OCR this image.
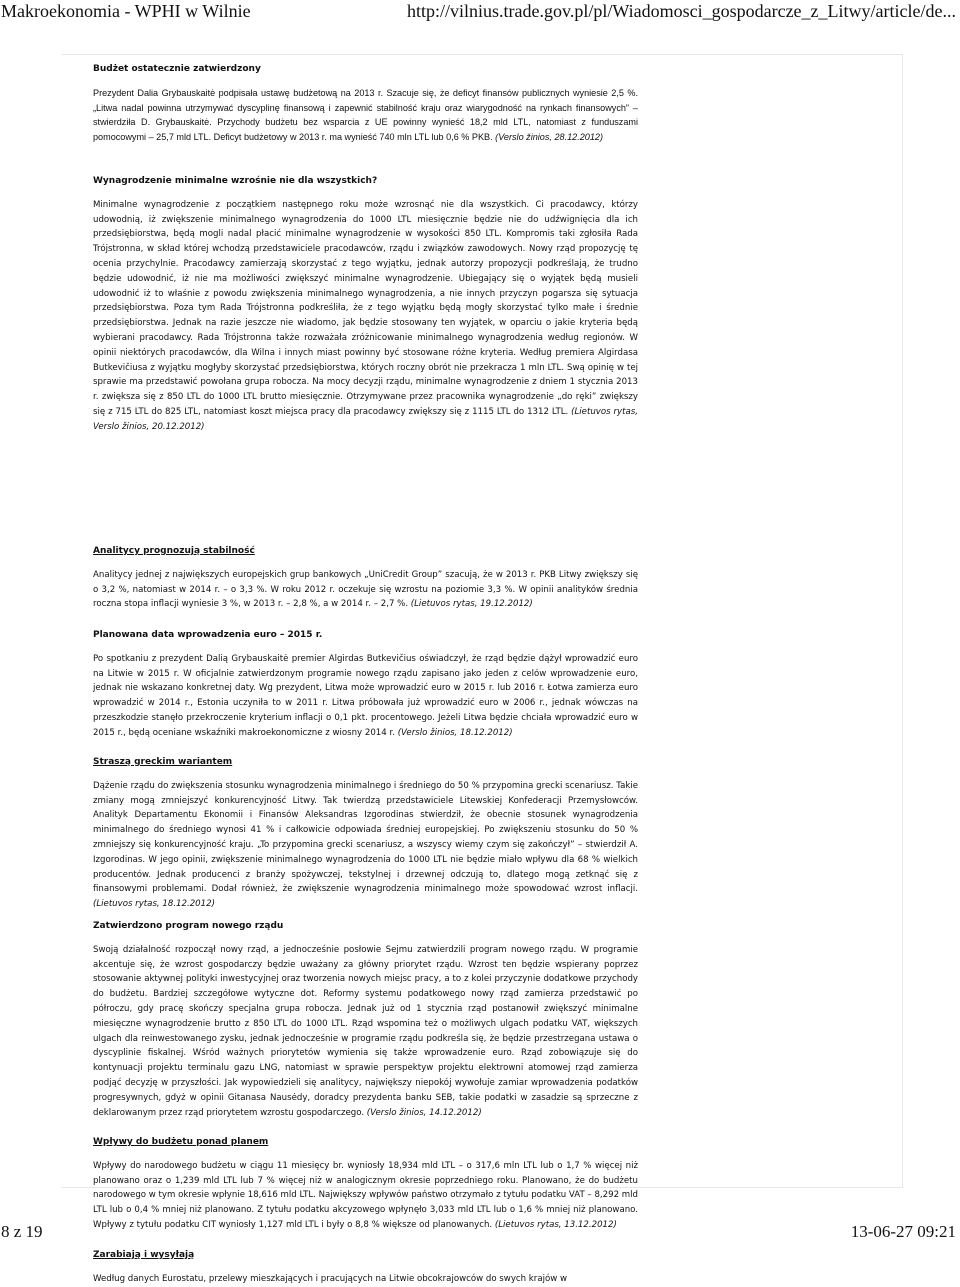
Makroekonomia - WPHI w Wilnie	http://vilnius.trade.gov.pl/pl/Wiadomosci_gospodarcze_z_Litwy/article/de...
Budżet ostatecznie zatwierdzony

Prezydent Dalia Grybauskaitė podpisała ustawę budżetową na 2013 r. Szacuje się, że deficyt finansów publicznych wyniesie 2,5 %. „Litwa nadal powinna utrzymywać dyscyplinę finansową i zapewnić stabilność kraju oraz wiarygodność na rynkach finansowych” – stwierdziła D. Grybauskaitė. Przychody budżetu bez wsparcia z UE powinny wynieść 18,2 mld LTL, natomiast z funduszami pomocowymi – 25,7 mld LTL. Deficyt budżetowy w 2013 r. ma wynieść 740 mln LTL lub 0,6 % PKB. (Verslo žinios, 28.12.2012)

Wynagrodzenie minimalne wzrośnie nie dla wszystkich?

Minimalne wynagrodzenie z początkiem następnego roku może wzrosnąć nie dla wszystkich. Ci pracodawcy, którzy udowodnią, iż zwiększenie minimalnego wynagrodzenia do 1000 LTL miesięcznie będzie nie do udźwignięcia dla ich przedsiębiorstwa, będą mogli nadal płacić minimalne wynagrodzenie w wysokości 850 LTL. Kompromis taki zgłosiła Rada Trójstronna, w skład której wchodzą przedstawiciele pracodawców, rządu i związków zawodowych. Nowy rząd propozycję tę ocenia przychylnie. Pracodawcy zamierzają skorzystać z tego wyjątku, jednak autorzy propozycji podkreślają, że trudno będzie udowodnić, iż nie ma możliwości zwiększyć minimalne wynagrodzenie. Ubiegający się o wyjątek będą musieli udowodnić iż to właśnie z powodu zwiększenia minimalnego wynagrodzenia, a nie innych przyczyn pogarsza się sytuacja przedsiębiorstwa. Poza tym Rada Trójstronna podkreśliła, że z tego wyjątku będą mogły skorzystać tylko małe i średnie przedsiębiorstwa. Jednak na razie jeszcze nie wiadomo, jak będzie stosowany ten wyjątek, w oparciu o jakie kryteria będą wybierani pracodawcy. Rada Trójstronna także rozważała zróżnicowanie minimalnego wynagrodzenia według regionów. W opinii niektórych pracodawców, dla Wilna i innych miast powinny być stosowane różne kryteria. Według premiera Algirdasa Butkevičiusa z wyjątku mogłyby skorzystać przedsiębiorstwa, których roczny obrót nie przekracza 1 mln LTL. Swą opinię w tej sprawie ma przedstawić powołana grupa robocza. Na mocy decyzji rządu, minimalne wynagrodzenie z dniem 1 stycznia 2013 r. zwiększa się z 850 LTL do 1000 LTL brutto miesięcznie. Otrzymywane przez pracownika wynagrodzenie „do ręki” zwiększy się z 715 LTL do 825 LTL, natomiast koszt miejsca pracy dla pracodawcy zwiększy się z 1115 LTL do 1312 LTL. (Lietuvos rytas, Verslo žinios, 20.12.2012)

Analitycy prognozują stabilność

Analitycy jednej z największych europejskich grup bankowych „UniCredit Group” szacują, że w 2013 r. PKB Litwy zwiększy się o 3,2 %, natomiast w 2014 r. – o 3,3 %. W roku 2012 r. oczekuje się wzrostu na poziomie 3,3 %. W opinii analityków średnia roczna stopa inflacji wyniesie 3 %, w 2013 r. – 2,8 %, a w 2014 r. – 2,7 %. (Lietuvos rytas, 19.12.2012)

Planowana data wprowadzenia euro – 2015 r.

Po spotkaniu z prezydent Dalią Grybauskaitė premier Algirdas Butkevičius oświadczył, że rząd będzie dążył wprowadzić euro na Litwie w 2015 r. W oficjalnie zatwierdzonym programie nowego rządu zapisano jako jeden z celów wprowadzenie euro, jednak nie wskazano konkretnej daty. Wg prezydent, Litwa może wprowadzić euro w 2015 r. lub 2016 r. Łotwa zamierza euro wprowadzić w 2014 r., Estonia uczyniła to w 2011 r. Litwa próbowała już wprowadzić euro w 2006 r., jednak wówczas na przeszkodzie stanęło przekroczenie kryterium inflacji o 0,1 pkt. procentowego. Jeżeli Litwa będzie chciała wprowadzić euro w 2015 r., będą oceniane wskaźniki makroekonomiczne z wiosny 2014 r. (Verslo žinios, 18.12.2012)

Straszą greckim wariantem

Dążenie rządu do zwiększenia stosunku wynagrodzenia minimalnego i średniego do 50 % przypomina grecki scenariusz. Takie zmiany mogą zmniejszyć konkurencyjność Litwy. Tak twierdzą przedstawiciele Litewskiej Konfederacji Przemysłowców. Analityk Departamentu Ekonomii i Finansów Aleksandras Izgorodinas stwierdził, że obecnie stosunek wynagrodzenia minimalnego do średniego wynosi 41 % i całkowicie odpowiada średniej europejskiej. Po zwiększeniu stosunku do 50 % zmniejszy się konkurencyjność kraju. „To przypomina grecki scenariusz, a wszyscy wiemy czym się zakończył” – stwierdził A. Izgorodinas. W jego opinii, zwiększenie minimalnego wynagrodzenia do 1000 LTL nie będzie miało wpływu dla 68 % wielkich producentów. Jednak producenci z branży spożywczej, tekstylnej i drzewnej odczują to, dlatego mogą zetknąć się z finansowymi problemami. Dodał również, że zwiększenie wynagrodzenia minimalnego może spowodować wzrost inflacji. (Lietuvos rytas, 18.12.2012)

Zatwierdzono program nowego rządu

Swoją działalność rozpoczął nowy rząd, a jednocześnie posłowie Sejmu zatwierdzili program nowego rządu. W programie akcentuje się, że wzrost gospodarczy będzie uważany za główny priorytet rządu. Wzrost ten będzie wspierany poprzez stosowanie aktywnej polityki inwestycyjnej oraz tworzenia nowych miejsc pracy, a to z kolei przyczynie dodatkowe przychody do budżetu. Bardziej szczegółowe wytyczne dot. Reformy systemu podatkowego nowy rząd zamierza przedstawić po półroczu, gdy pracę skończy specjalna grupa robocza. Jednak już od 1 stycznia rząd postanowił zwiększyć minimalne miesięczne wynagrodzenie brutto z 850 LTL do 1000 LTL. Rząd wspomina też o możliwych ulgach podatku VAT, większych ulgach dla reinwestowanego zysku, jednak jednocześnie w programie rządu podkreśla się, że będzie przestrzegana ustawa o dyscyplinie fiskalnej. Wśród ważnych priorytetów wymienia się także wprowadzenie euro. Rząd zobowiązuje się do kontynuacji projektu terminalu gazu LNG, natomiast w sprawie perspektyw projektu elektrowni atomowej rząd zamierza podjąć decyzję w przyszłości. Jak wypowiedzieli się analitycy, największy niepokój wywołuje zamiar wprowadzenia podatków progresywnych, gdyż w opinii Gitanasa Nausėdy, doradcy prezydenta banku SEB, takie podatki w zasadzie są sprzeczne z deklarowanym przez rząd priorytetem wzrostu gospodarczego. (Verslo žinios, 14.12.2012)

Wpływy do budżetu ponad planem

Wpływy do narodowego budżetu w ciągu 11 miesięcy br. wyniosły 18,934 mld LTL – o 317,6 mln LTL lub o 1,7 % więcej niż planowano oraz o 1,239 mld LTL lub 7 % więcej niż w analogicznym okresie poprzedniego roku. Planowano, że do budżetu narodowego w tym okresie wpłynie 18,616 mld LTL. Największy wpływów państwo otrzymało z tytułu podatku VAT – 8,292 mld LTL lub o 0,4 % mniej niż planowano. Z tytułu podatku akcyzowego wpłynęło 3,033 mld LTL lub o 1,6 % mniej niż planowano. Wpływy z tytułu podatku CIT wyniosły 1,127 mld LTL i były o 8,8 % większe od planowanych. (Lietuvos rytas, 13.12.2012)

Zarabiają i wysyłają

Według danych Eurostatu, przelewy mieszkających i pracujących na Litwie obcokrajowców do swych krajów w

8 z 19	13-06-27 09:21
